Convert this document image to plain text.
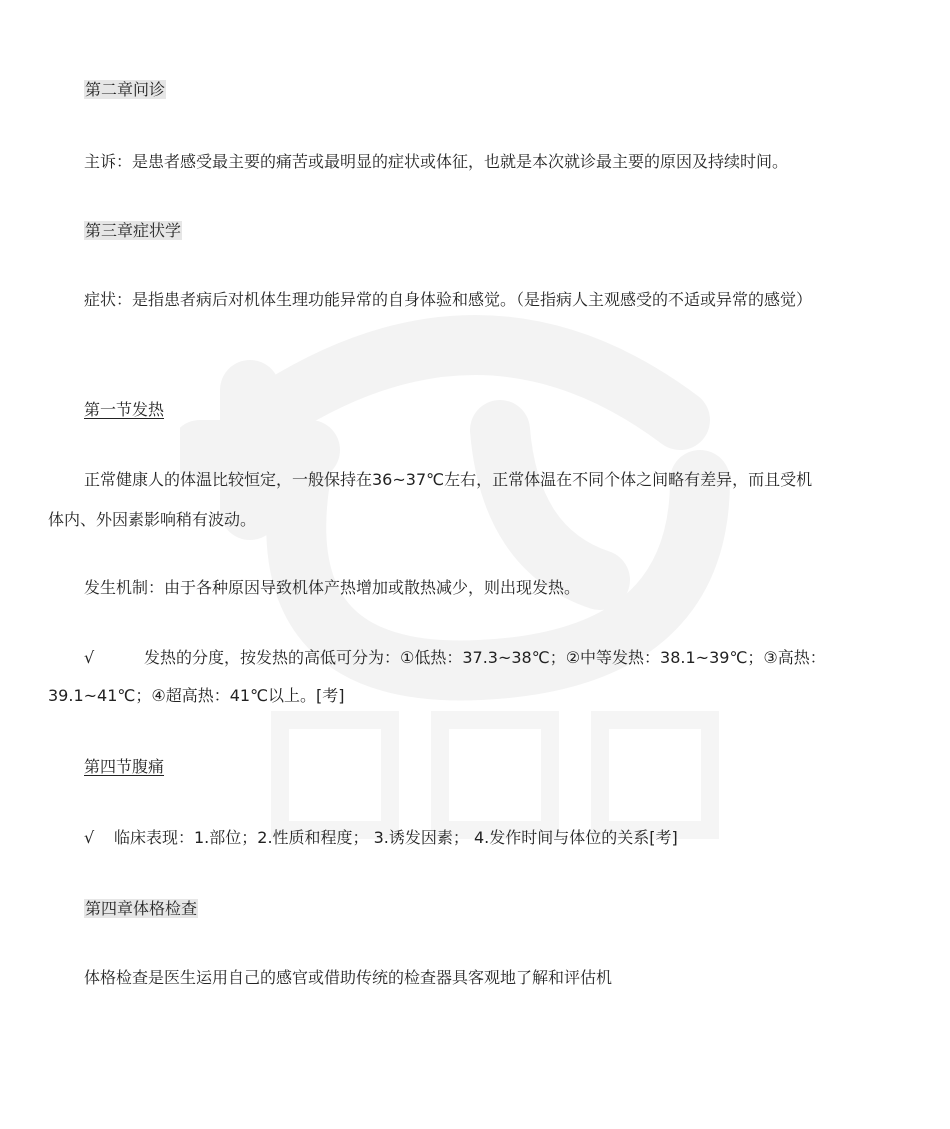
第二章问诊
主诉：是患者感受最主要的痛苦或最明显的症状或体征，也就是本次就诊最主要的原因及持续时间。
第三章症状学
症状：是指患者病后对机体生理功能异常的自身体验和感觉。（是指病人主观感受的不适或异常的感觉）
第一节发热
正常健康人的体温比较恒定，一般保持在36~37℃左右，正常体温在不同个体之间略有差异，而且受机
体内、外因素影响稍有波动。
发生机制：由于各种原因导致机体产热增加或散热减少，则出现发热。
√	发热的分度，按发热的高低可分为：①低热：37.3~38℃；②中等发热：38.1~39℃；③高热：
39.1~41℃；④超高热：41℃以上。[考]
第四节腹痛
√ 临床表现：1.部位；2.性质和程度； 3.诱发因素； 4.发作时间与体位的关系[考]
第四章体格检查
体格检查是医生运用自己的感官或借助传统的检查器具客观地了解和评估机
